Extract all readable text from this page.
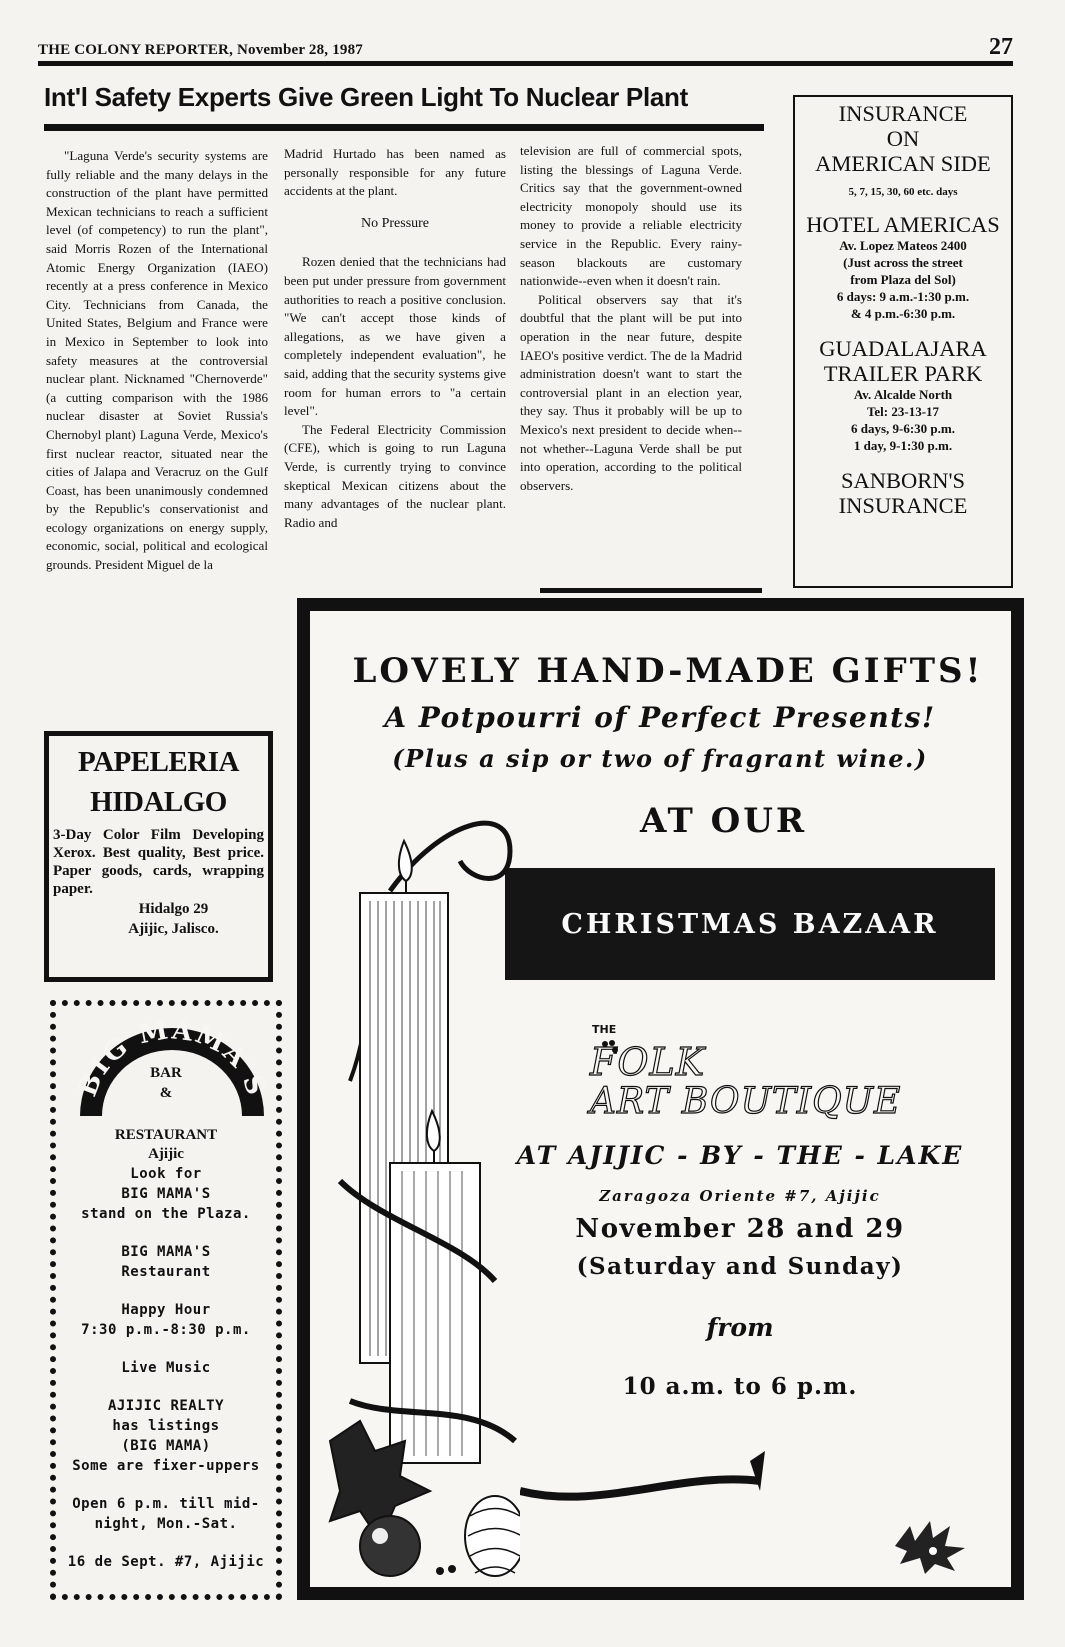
THE COLONY REPORTER, November 28, 1987	27
Int'l Safety Experts Give Green Light To Nuclear Plant

"Laguna Verde's security systems are fully reliable and the many delays in the construction of the plant have permitted Mexican technicians to reach a sufficient level (of competency) to run the plant", said Morris Rozen of the International Atomic Energy Organization (IAEO) recently at a press conference in Mexico City. Technicians from Canada, the United States, Belgium and France were in Mexico in September to look into safety measures at the controversial nuclear plant. Nicknamed "Chernoverde" (a cutting comparison with the 1986 nuclear disaster at Soviet Russia's Chernobyl plant) Laguna Verde, Mexico's first nuclear reactor, situated near the cities of Jalapa and Veracruz on the Gulf Coast, has been unanimously condemned by the Republic's conservationist and ecology organizations on energy supply, economic, social, political and ecological grounds. President Miguel de la

Madrid Hurtado has been named as personally responsible for any future accidents at the plant.

No Pressure

Rozen denied that the technicians had been put under pressure from government authorities to reach a positive conclusion. "We can't accept those kinds of allegations, as we have given a completely independent evaluation", he said, adding that the security systems give room for human errors to "a certain level".

The Federal Electricity Commission (CFE), which is going to run Laguna Verde, is currently trying to convince skeptical Mexican citizens about the many advantages of the nuclear plant. Radio and

television are full of commercial spots, listing the blessings of Laguna Verde. Critics say that the government-owned electricity monopoly should use its money to provide a reliable electricity service in the Republic. Every rainy-season blackouts are customary nationwide--even when it doesn't rain.

Political observers say that it's doubtful that the plant will be put into operation in the near future, despite IAEO's positive verdict. The de la Madrid administration doesn't want to start the controversial plant in an election year, they say. Thus it probably will be up to Mexico's next president to decide when--not whether--Laguna Verde shall be put into operation, according to the political observers.

INSURANCE
ON
AMERICAN SIDE
5, 7, 15, 30, 60 etc. days
HOTEL AMERICAS
Av. Lopez Mateos 2400
(Just across the street
from Plaza del Sol)
6 days: 9 a.m.-1:30 p.m.
& 4 p.m.-6:30 p.m.
GUADALAJARA
TRAILER PARK
Av. Alcalde North
Tel: 23-13-17
6 days, 9-6:30 p.m.
1 day, 9-1:30 p.m.
SANBORN'S
INSURANCE
PAPELERIA
HIDALGO
3-Day Color Film Developing Xerox. Best quality, Best price. Paper goods, cards, wrapping paper.
Hidalgo 29
Ajijic, Jalisco.
BIG MAMA'S
BAR
&
RESTAURANT
Ajijic
Look for
BIG MAMA'S
stand on the Plaza.
BIG MAMA'S
Restaurant
Happy Hour
7:30 p.m.-8:30 p.m.
Live Music
AJIJIC REALTY
has listings
(BIG MAMA)
Some are fixer-uppers
Open 6 p.m. till mid-
night, Mon.-Sat.
16 de Sept. #7, Ajijic
LOVELY HAND-MADE GIFTS!
A Potpourri of Perfect Presents!
(Plus a sip or two of fragrant wine.)
AT OUR
CHRISTMAS BAZAAR
THE
FOLK
ART BOUTIQUE
AT AJIJIC - BY - THE - LAKE
Zaragoza Oriente #7, Ajijic
November 28 and 29
(Saturday and Sunday)
from
10 a.m. to 6 p.m.
